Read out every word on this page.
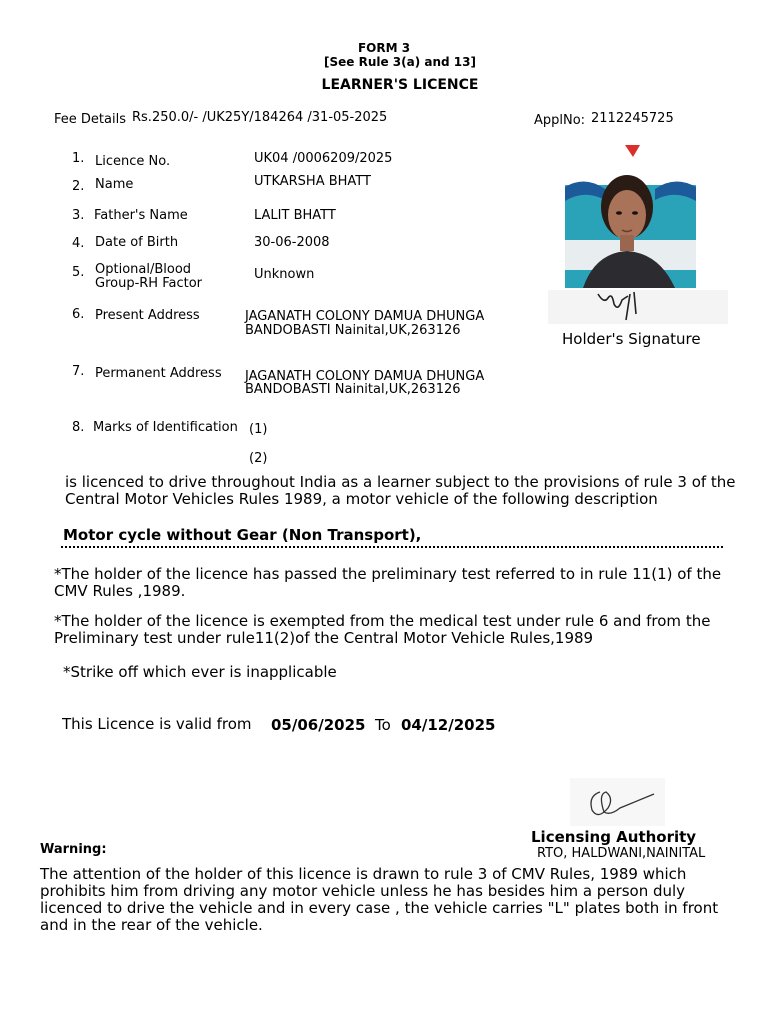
FORM 3
[See Rule 3(a) and 13]
LEARNER'S LICENCE
Fee Details Rs.250.0/- /UK25Y/184264 /31-05-2025	ApplNo: 2112245725
1. Licence No.	UK04 /0006209/2025
2. Name	UTKARSHA BHATT
3. Father's Name	LALIT BHATT
4. Date of Birth	30-06-2008
5. Optional/Blood
Group-RH Factor
Unknown
6. Present Address	JAGANATH COLONY DAMUA DHUNGA
BANDOBASTI Nainital,UK,263126
7. Permanent Address JAGANATH COLONY DAMUA DHUNGA
BANDOBASTI Nainital,UK,263126
8. Marks of Identification (1)
(2)
Holder's Signature
is licenced to drive throughout India as a learner subject to the provisions of rule 3 of the Central Motor Vehicles Rules 1989, a motor vehicle of the following description
Motor cycle without Gear (Non Transport),
*The holder of the licence has passed the preliminary test referred to in rule 11(1) of the CMV Rules ,1989.
*The holder of the licence is exempted from the medical test under rule 6 and from the Preliminary test under rule11(2)of the Central Motor Vehicle Rules,1989
*Strike off which ever is inapplicable
This Licence is valid from 05/06/2025 To 04/12/2025
Licensing Authority
RTO, HALDWANI,NAINITAL
Warning:
The attention of the holder of this licence is drawn to rule 3 of CMV Rules, 1989 which prohibits him from driving any motor vehicle unless he has besides him a person duly licenced to drive the vehicle and in every case , the vehicle carries "L" plates both in front and in the rear of the vehicle.
